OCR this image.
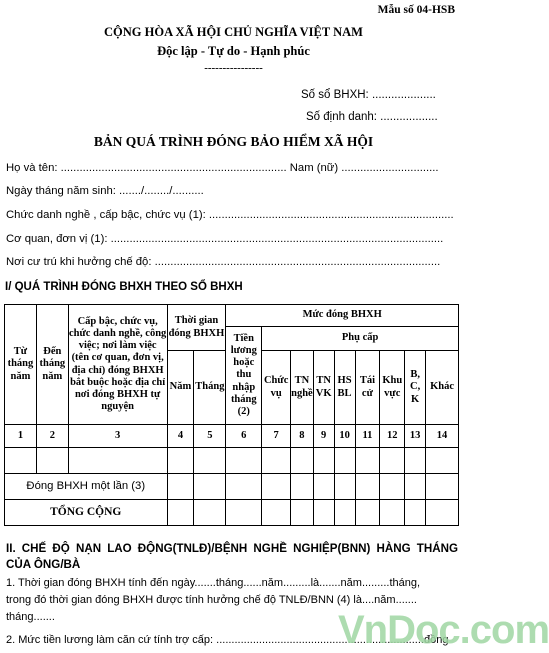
Mẫu số 04-HSB
CỘNG HÒA XÃ HỘI CHỦ NGHĨA VIỆT NAM
Độc lập - Tự do - Hạnh phúc
----------------
Số sổ BHXH: ....................
Số định danh: ..................
BẢN QUÁ TRÌNH ĐÓNG BẢO HIỂM XÃ HỘI
Họ và tên: ........................................................................ Nam (nữ) ...............................
Ngày tháng năm sinh: ......./......../..........
Chức danh nghề , cấp bậc, chức vụ (1): ..............................................................................
Cơ quan, đơn vị (1): ..........................................................................................................
Nơi cư trú khi hưởng chế độ: ...........................................................................................
I/ QUÁ TRÌNH ĐÓNG BHXH THEO SỔ BHXH
Từ tháng năm	Đến tháng năm	Cấp bậc, chức vụ, chức danh nghề, công việc; nơi làm việc (tên cơ quan, đơn vị, địa chỉ) đóng BHXH bắt buộc hoặc địa chỉ nơi đóng BHXH tự nguyện	Thời gian đóng BHXH		Mức đóng BHXH								
					Tiền lương hoặc thu nhập tháng (2)	Phụ cấp							
			Năm	Tháng		Chức vụ	TN nghề	TN VK	HS BL	Tái cử	Khu vực	B, C, K	Khác
1	2	3	4	5	6	7	8	9	10	11	12	13	14

Đóng BHXH một lần (3)													
TỔNG CỘNG													
II. CHẾ ĐỘ NẠN LAO ĐỘNG(TNLĐ)/BỆNH NGHỀ NGHIỆP(BNN) HÀNG THÁNG CỦA ÔNG/BÀ
1. Thời gian đóng BHXH tính đến ngày.......tháng......năm.........là.......năm.........tháng,
trong đó thời gian đóng BHXH được tính hưởng chế độ TNLĐ/BNN (4) là....năm.......
tháng.......
2. Mức tiền lương làm căn cứ tính trợ cấp: ....................................................................đồng
VnDoc.com
